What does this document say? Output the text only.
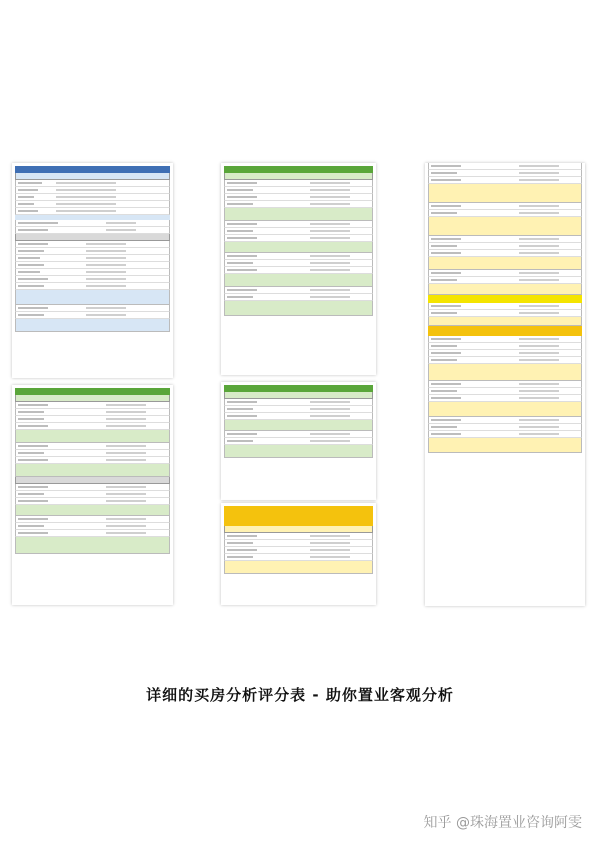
详细的买房分析评分表 - 助你置业客观分析
知乎 @珠海置业咨询阿雯
